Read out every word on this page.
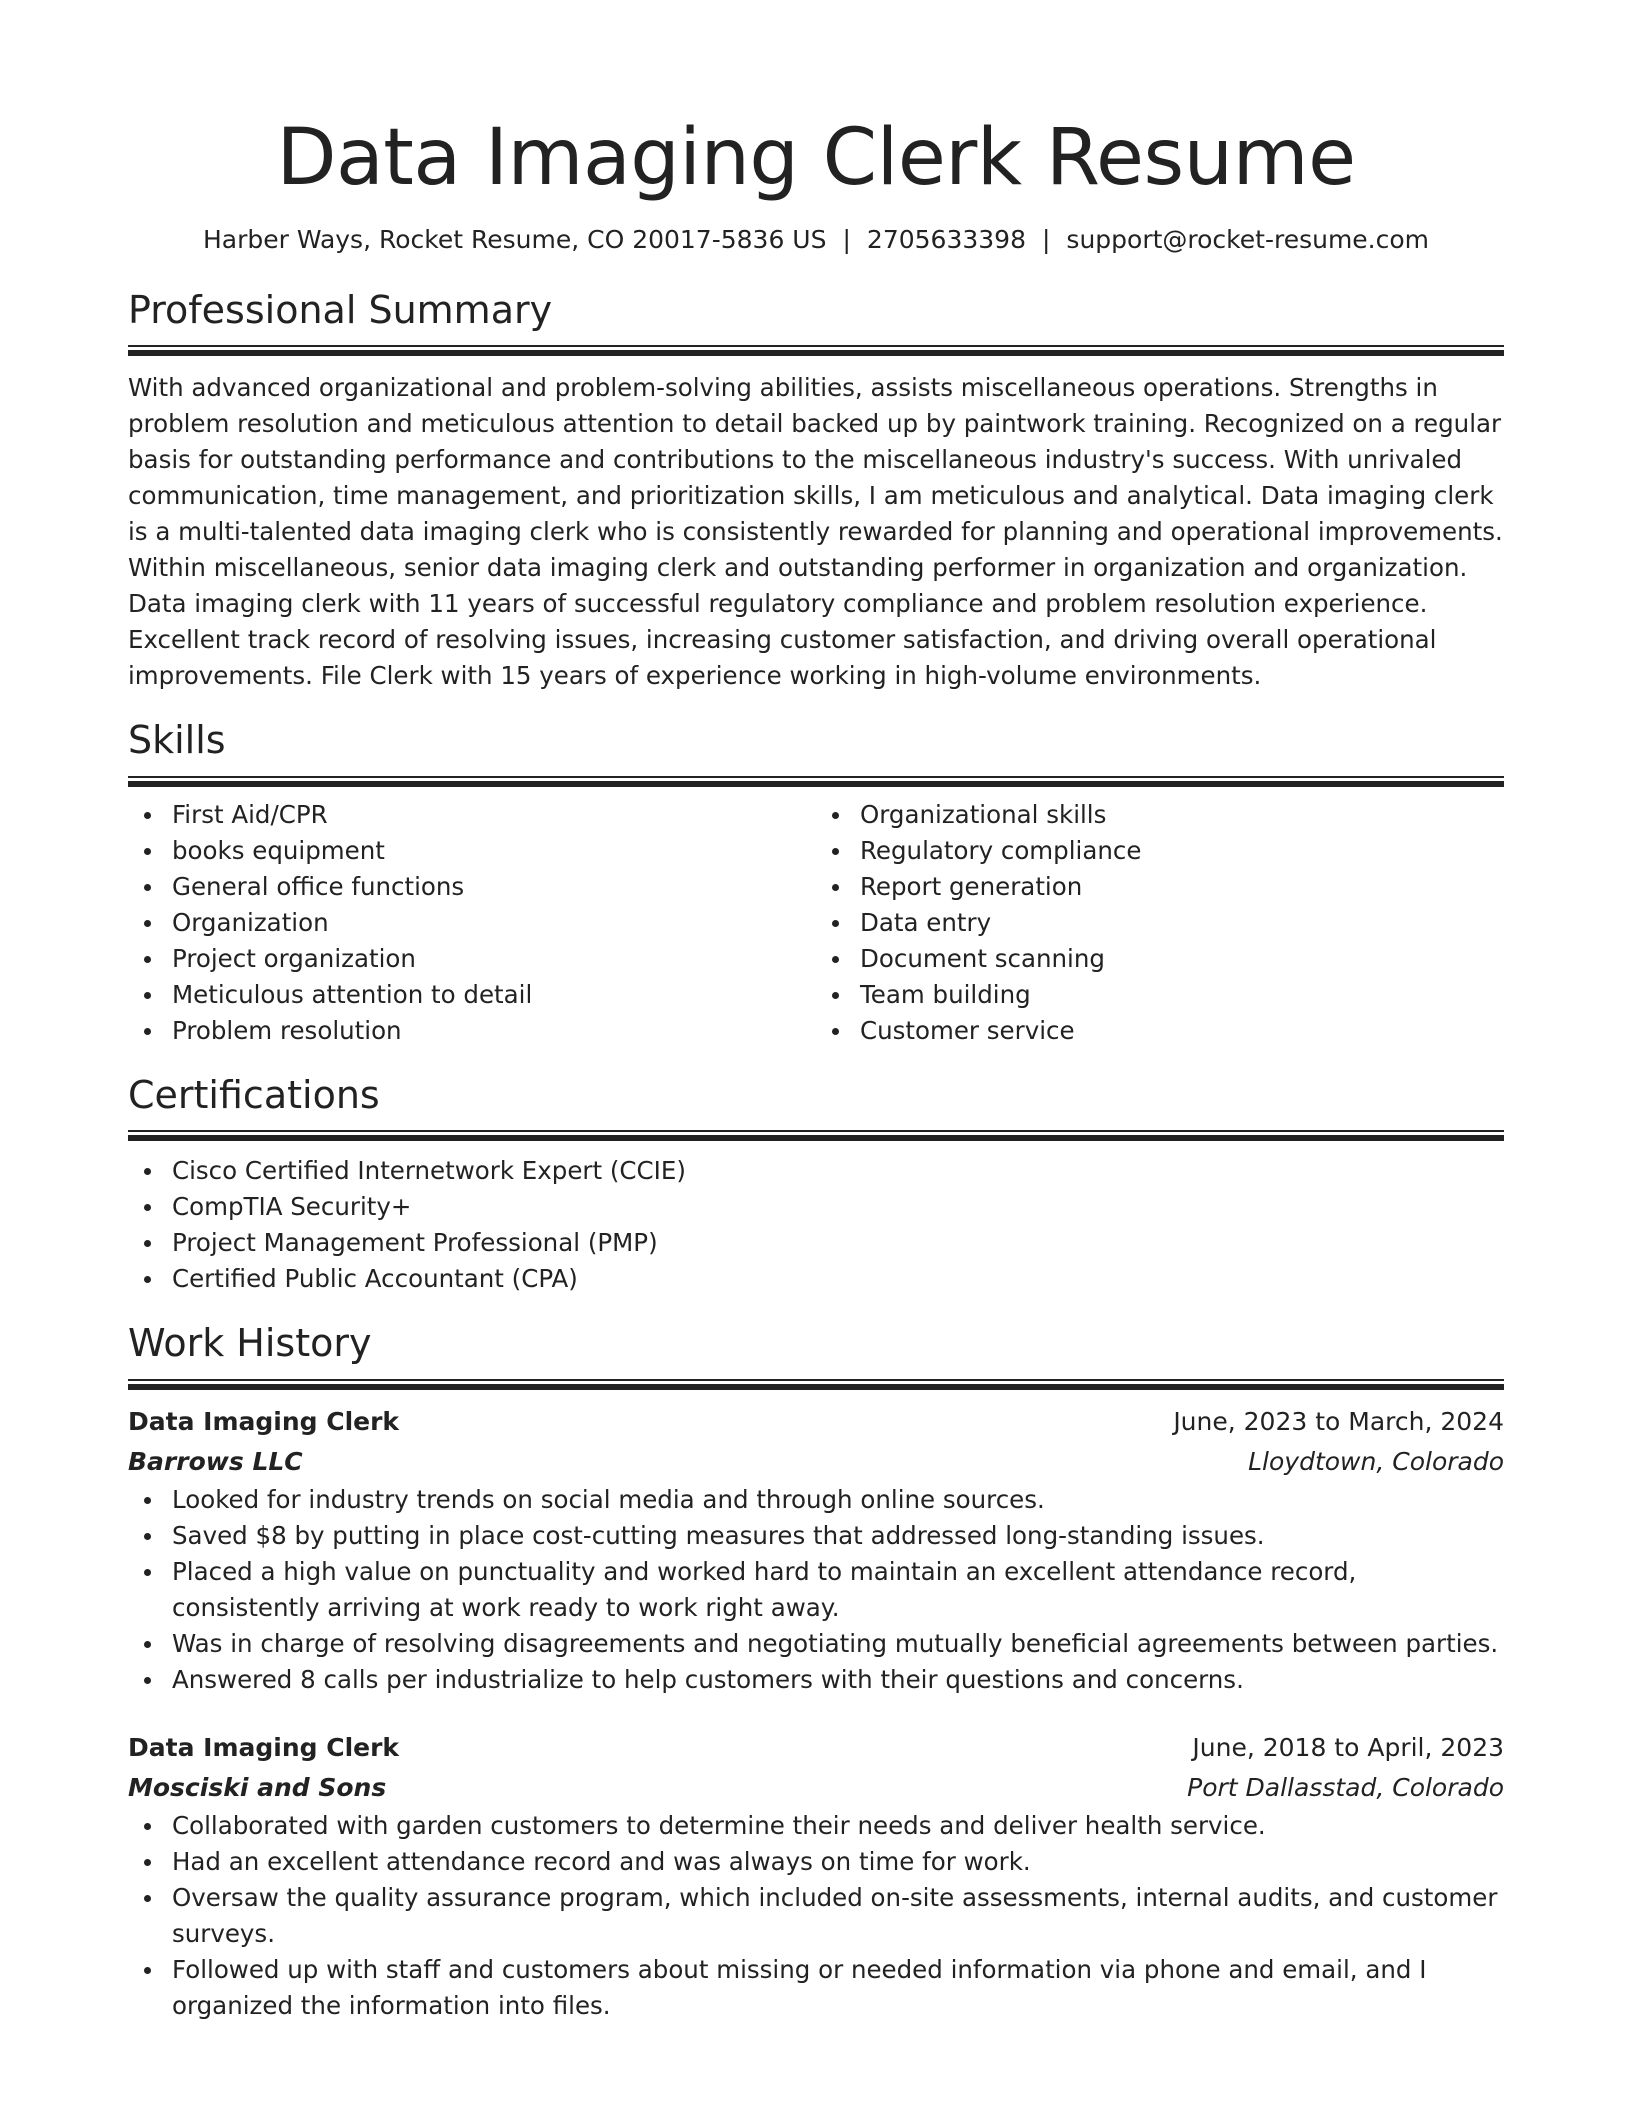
Data Imaging Clerk Resume
Harber Ways, Rocket Resume, CO 20017-5836 US | 2705633398 | support@rocket-resume.com
Professional Summary
With advanced organizational and problem-solving abilities, assists miscellaneous operations. Strengths in problem resolution and meticulous attention to detail backed up by paintwork training. Recognized on a regular basis for outstanding performance and contributions to the miscellaneous industry's success. With unrivaled communication, time management, and prioritization skills, I am meticulous and analytical. Data imaging clerk is a multi-talented data imaging clerk who is consistently rewarded for planning and operational improvements. Within miscellaneous, senior data imaging clerk and outstanding performer in organization and organization. Data imaging clerk with 11 years of successful regulatory compliance and problem resolution experience. Excellent track record of resolving issues, increasing customer satisfaction, and driving overall operational improvements. File Clerk with 15 years of experience working in high-volume environments.
Skills
First Aid/CPR
books equipment
General office functions
Organization
Project organization
Meticulous attention to detail
Problem resolution
Organizational skills
Regulatory compliance
Report generation
Data entry
Document scanning
Team building
Customer service
Certifications
Cisco Certified Internetwork Expert (CCIE)
CompTIA Security+
Project Management Professional (PMP)
Certified Public Accountant (CPA)
Work History
Data Imaging Clerk	June, 2023 to March, 2024
Barrows LLC	Lloydtown, Colorado
Looked for industry trends on social media and through online sources.
Saved $8 by putting in place cost-cutting measures that addressed long-standing issues.
Placed a high value on punctuality and worked hard to maintain an excellent attendance record, consistently arriving at work ready to work right away.
Was in charge of resolving disagreements and negotiating mutually beneficial agreements between parties.
Answered 8 calls per industrialize to help customers with their questions and concerns.
Data Imaging Clerk	June, 2018 to April, 2023
Mosciski and Sons	Port Dallasstad, Colorado
Collaborated with garden customers to determine their needs and deliver health service.
Had an excellent attendance record and was always on time for work.
Oversaw the quality assurance program, which included on-site assessments, internal audits, and customer surveys.
Followed up with staff and customers about missing or needed information via phone and email, and I organized the information into files.
